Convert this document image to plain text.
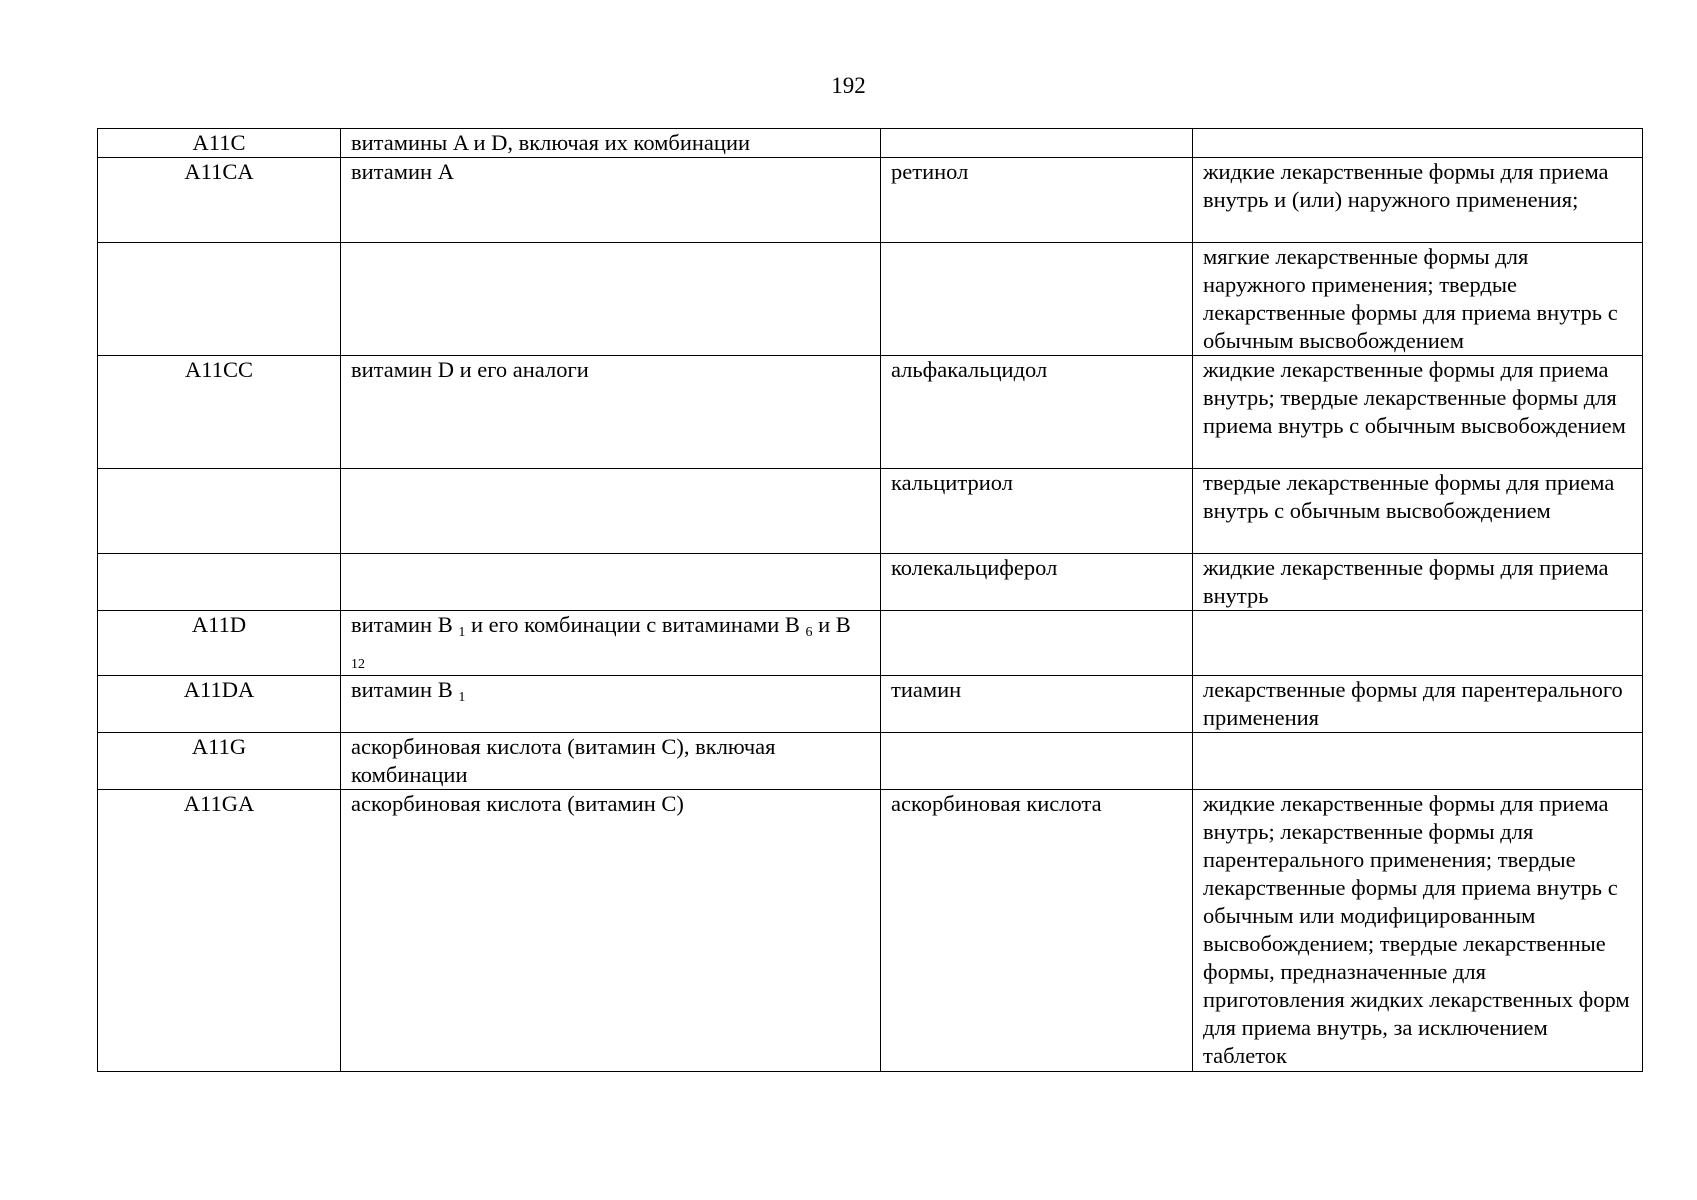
192
A11C	витамины A и D, включая их комбинации		
A11CA	витамин A	ретинол	жидкие лекарственные формы для приема внутрь и (или) наружного применения;
			мягкие лекарственные формы для наружного применения; твердые лекарственные формы для приема внутрь с обычным высвобождением
A11CC	витамин D и его аналоги	альфакальцидол	жидкие лекарственные формы для приема внутрь; твердые лекарственные формы для приема внутрь с обычным высвобождением
		кальцитриол	твердые лекарственные формы для приема внутрь с обычным высвобождением
		колекальциферол	жидкие лекарственные формы для приема внутрь
A11D	витамин B 1 и его комбинации с витаминами B 6 и B 12		
A11DA	витамин B 1	тиамин	лекарственные формы для парентерального применения
A11G	аскорбиновая кислота (витамин C), включая комбинации		
A11GA	аскорбиновая кислота (витамин C)	аскорбиновая кислота	жидкие лекарственные формы для приема внутрь; лекарственные формы для парентерального применения; твердые лекарственные формы для приема внутрь с обычным или модифицированным высвобождением; твердые лекарственные формы, предназначенные для приготовления жидких лекарственных форм для приема внутрь, за исключением таблеток
